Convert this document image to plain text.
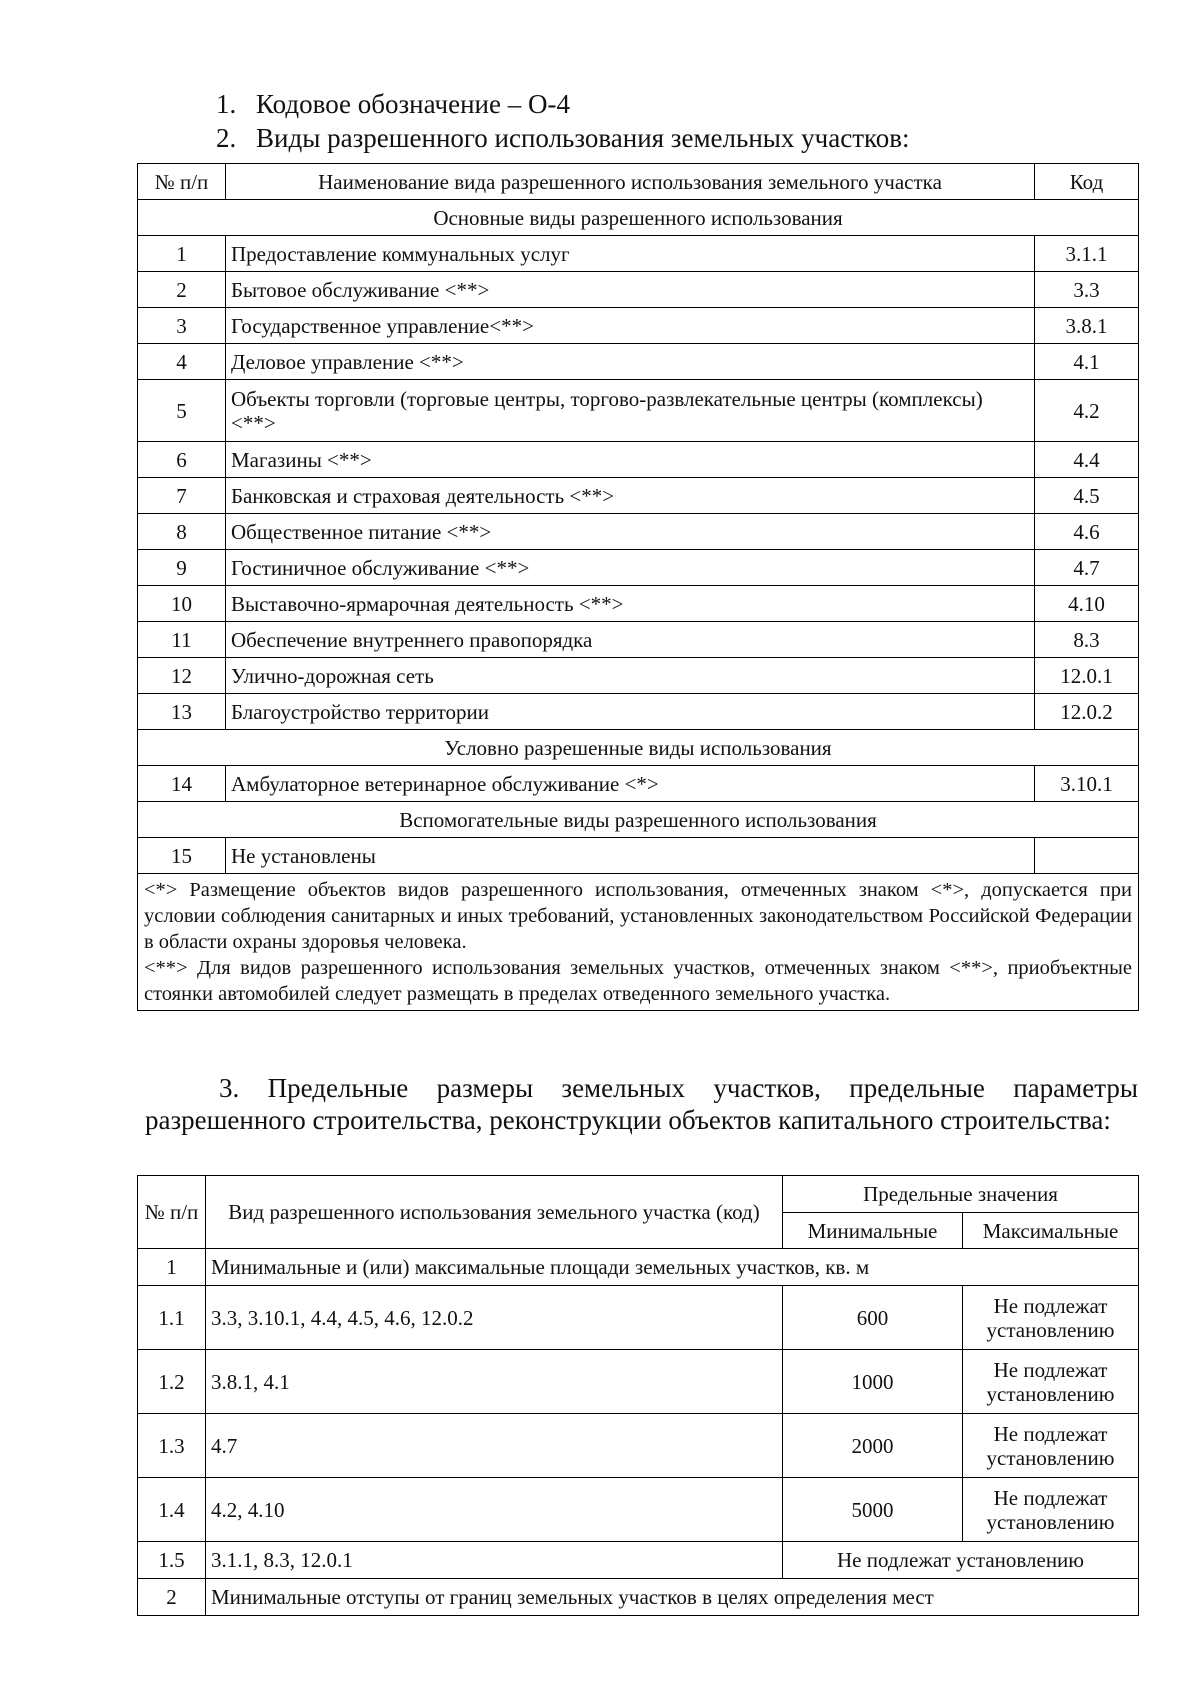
1. Кодовое обозначение – О-4
2. Виды разрешенного использования земельных участков:
№ п/п	Наименование вида разрешенного использования земельного участка	Код
Основные виды разрешенного использования		
1	Предоставление коммунальных услуг	3.1.1
2	Бытовое обслуживание <**>	3.3
3	Государственное управление<**>	3.8.1
4	Деловое управление <**>	4.1
5	Объекты торговли (торговые центры, торгово-развлекательные центры (комплексы) <**>	4.2
6	Магазины <**>	4.4
7	Банковская и страховая деятельность <**>	4.5
8	Общественное питание <**>	4.6
9	Гостиничное обслуживание <**>	4.7
10	Выставочно-ярмарочная деятельность <**>	4.10
11	Обеспечение внутреннего правопорядка	8.3
12	Улично-дорожная сеть	12.0.1
13	Благоустройство территории	12.0.2
Условно разрешенные виды использования		
14	Амбулаторное ветеринарное обслуживание <*>	3.10.1
Вспомогательные виды разрешенного использования		
15	Не установлены	

<*> Размещение объектов видов разрешенного использования, отмеченных знаком <*>, допускается при условии соблюдения санитарных и иных требований, установленных законодательством Российской Федерации в области охраны здоровья человека.

<**> Для видов разрешенного использования земельных участков, отмеченных знаком <**>, приобъектные стоянки автомобилей следует размещать в пределах отведенного земельного участка.		

3. Предельные размеры земельных участков, предельные параметры разрешенного строительства, реконструкции объектов капитального строительства:
№ п/п	Вид разрешенного использования земельного участка (код)	Предельные значения	
		Минимальные	Максимальные
1	Минимальные и (или) максимальные площади земельных участков, кв. м		
1.1	3.3, 3.10.1, 4.4, 4.5, 4.6, 12.0.2	600	Не подлежат установлению
1.2	3.8.1, 4.1	1000	Не подлежат установлению
1.3	4.7	2000	Не подлежат установлению
1.4	4.2, 4.10	5000	Не подлежат установлению
1.5	3.1.1, 8.3, 12.0.1	Не подлежат установлению	
2	Минимальные отступы от границ земельных участков в целях определения мест		
